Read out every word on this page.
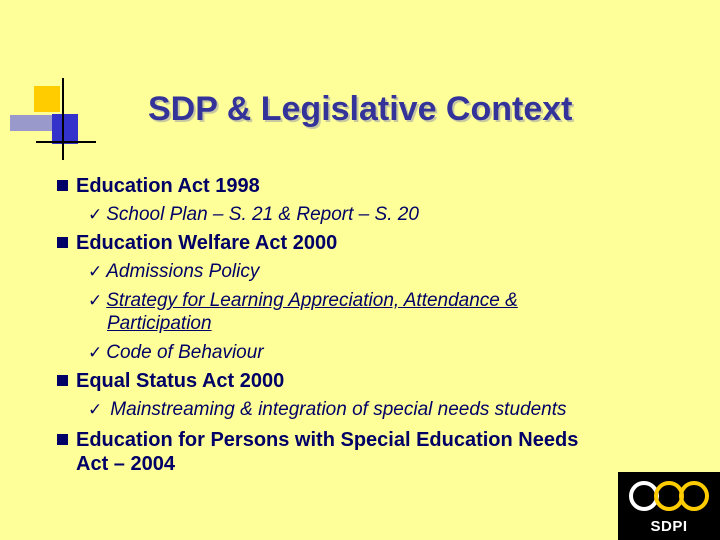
SDP & Legislative Context
Education Act 1998
✓ School Plan – S. 21 & Report – S. 20
Education Welfare Act 2000
✓ Admissions Policy
✓ Strategy for Learning Appreciation, Attendance &
Participation
✓ Code of Behaviour
Equal Status Act 2000
✓ Mainstreaming & integration of special needs students
Education for Persons with Special Education Needs
Act – 2004
SDPI
